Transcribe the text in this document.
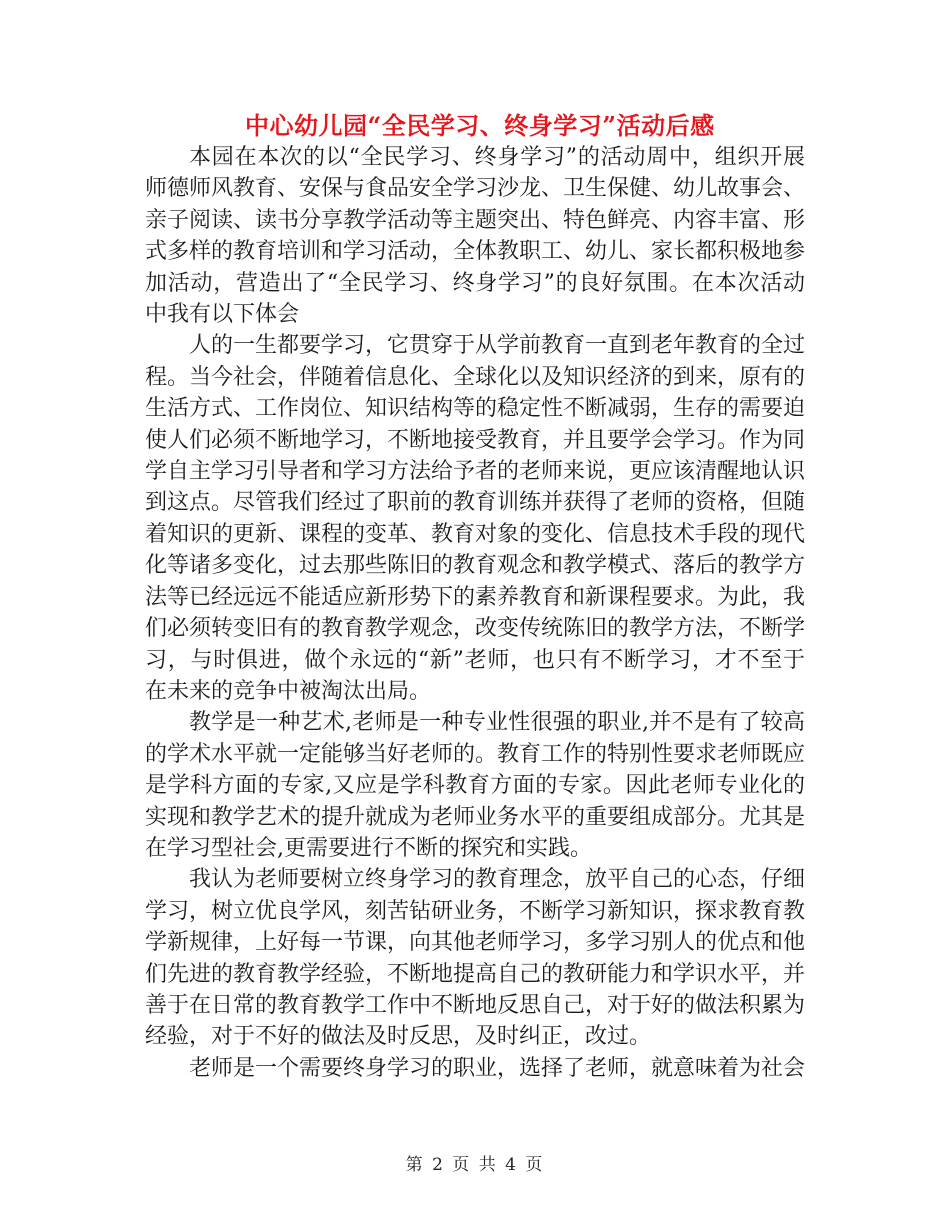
中心幼儿园“全民学习、终身学习”活动后感

本园在本次的以“全民学习、终身学习”的活动周中，组织开展师德师风教育、安保与食品安全学习沙龙、卫生保健、幼儿故事会、亲子阅读、读书分享教学活动等主题突出、特色鲜亮、内容丰富、形式多样的教育培训和学习活动，全体教职工、幼儿、家长都积极地参加活动，营造出了“全民学习、终身学习”的良好氛围。在本次活动中我有以下体会

人的一生都要学习，它贯穿于从学前教育一直到老年教育的全过程。当今社会，伴随着信息化、全球化以及知识经济的到来，原有的生活方式、工作岗位、知识结构等的稳定性不断减弱，生存的需要迫使人们必须不断地学习，不断地接受教育，并且要学会学习。作为同学自主学习引导者和学习方法给予者的老师来说，更应该清醒地认识到这点。尽管我们经过了职前的教育训练并获得了老师的资格，但随着知识的更新、课程的变革、教育对象的变化、信息技术手段的现代化等诸多变化，过去那些陈旧的教育观念和教学模式、落后的教学方法等已经远远不能适应新形势下的素养教育和新课程要求。为此，我们必须转变旧有的教育教学观念，改变传统陈旧的教学方法，不断学习，与时俱进，做个永远的“新”老师，也只有不断学习，才不至于在未来的竞争中被淘汰出局。

教学是一种艺术,老师是一种专业性很强的职业,并不是有了较高的学术水平就一定能够当好老师的。教育工作的特别性要求老师既应是学科方面的专家,又应是学科教育方面的专家。因此老师专业化的实现和教学艺术的提升就成为老师业务水平的重要组成部分。尤其是在学习型社会,更需要进行不断的探究和实践。

我认为老师要树立终身学习的教育理念，放平自己的心态，仔细学习，树立优良学风，刻苦钻研业务，不断学习新知识，探求教育教学新规律，上好每一节课，向其他老师学习，多学习别人的优点和他们先进的教育教学经验，不断地提高自己的教研能力和学识水平，并善于在日常的教育教学工作中不断地反思自己，对于好的做法积累为经验，对于不好的做法及时反思，及时纠正，改过。

老师是一个需要终身学习的职业，选择了老师，就意味着为社会

第 2 页 共 4 页
